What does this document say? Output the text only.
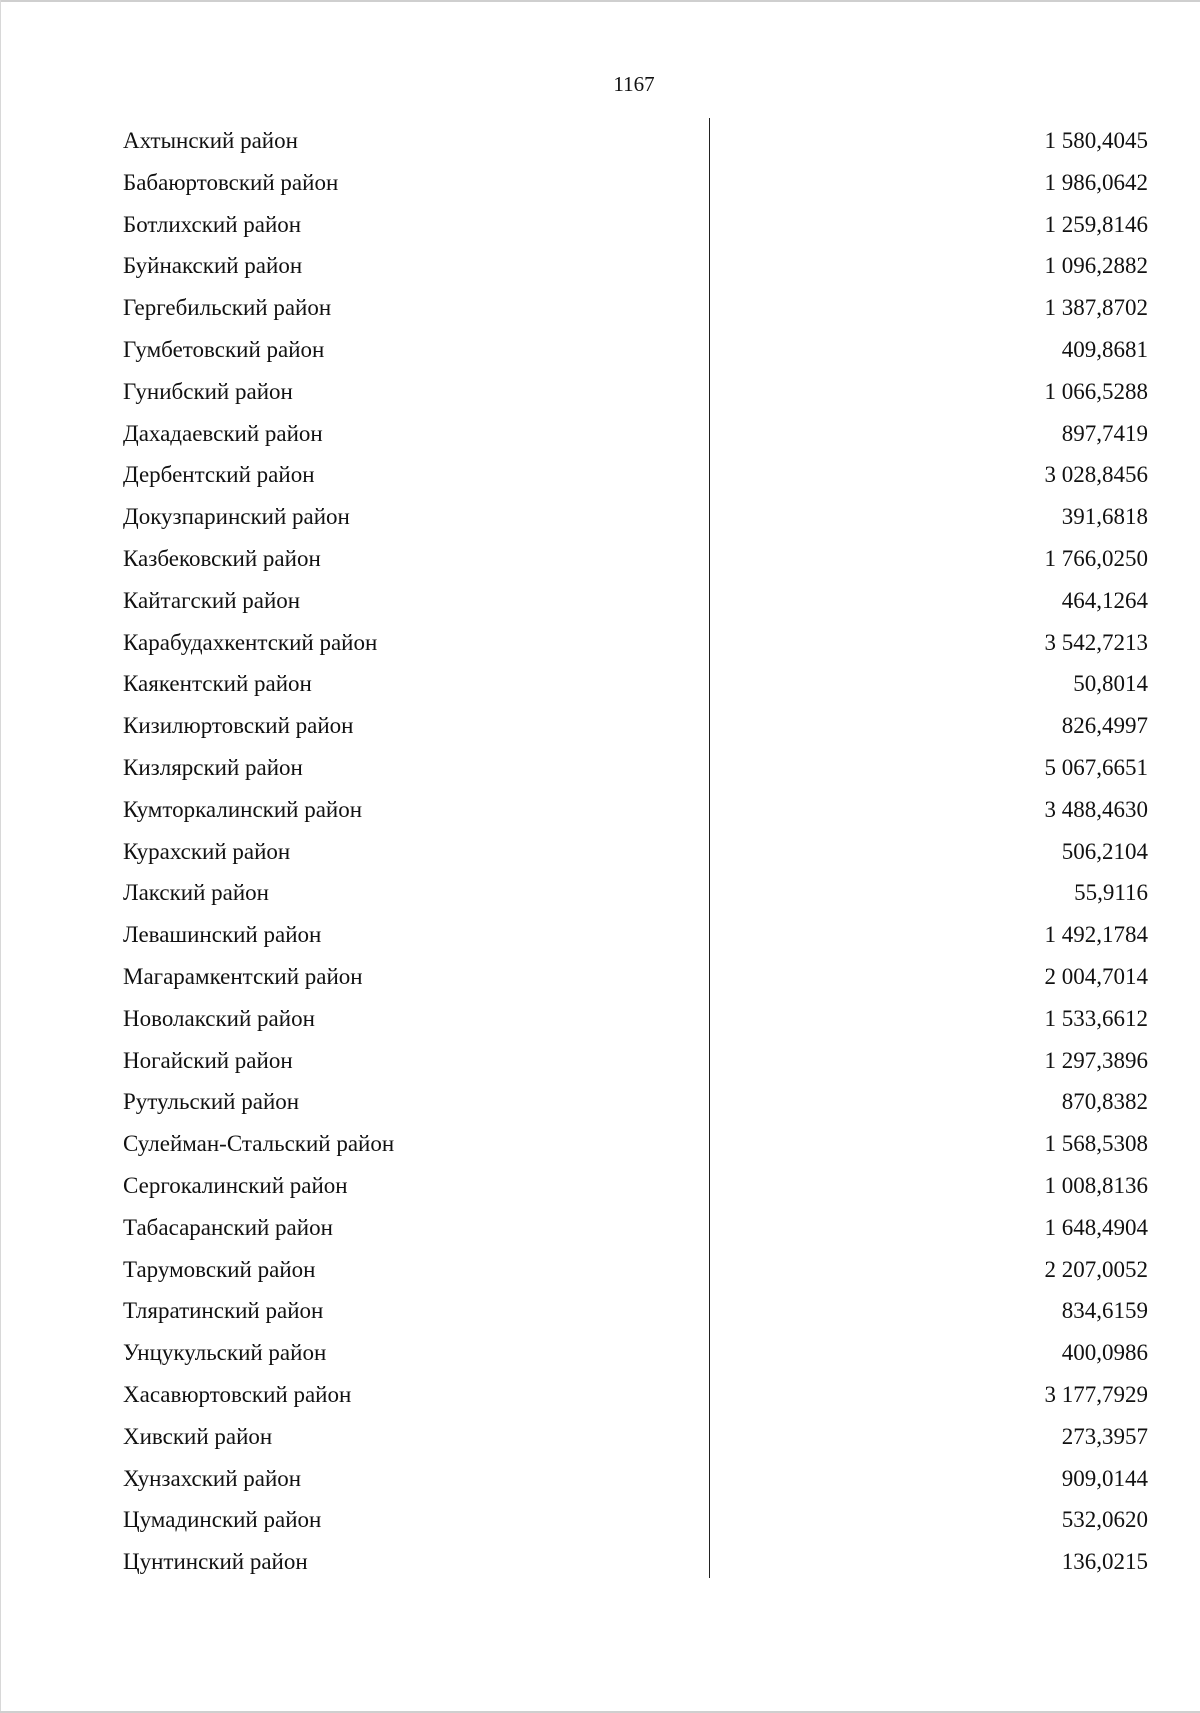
1167
Ахтынский район	1 580,4045
Бабаюртовский район	1 986,0642
Ботлихский район	1 259,8146
Буйнакский район	1 096,2882
Гергебильский район	1 387,8702
Гумбетовский район	409,8681
Гунибский район	1 066,5288
Дахадаевский район	897,7419
Дербентский район	3 028,8456
Докузпаринский район	391,6818
Казбековский район	1 766,0250
Кайтагский район	464,1264
Карабудахкентский район	3 542,7213
Каякентский район	50,8014
Кизилюртовский район	826,4997
Кизлярский район	5 067,6651
Кумторкалинский район	3 488,4630
Курахский район	506,2104
Лакский район	55,9116
Левашинский район	1 492,1784
Магарамкентский район	2 004,7014
Новолакский район	1 533,6612
Ногайский район	1 297,3896
Рутульский район	870,8382
Сулейман-Стальский район	1 568,5308
Сергокалинский район	1 008,8136
Табасаранский район	1 648,4904
Тарумовский район	2 207,0052
Тляратинский район	834,6159
Унцукульский район	400,0986
Хасавюртовский район	3 177,7929
Хивский район	273,3957
Хунзахский район	909,0144
Цумадинский район	532,0620
Цунтинский район	136,0215
